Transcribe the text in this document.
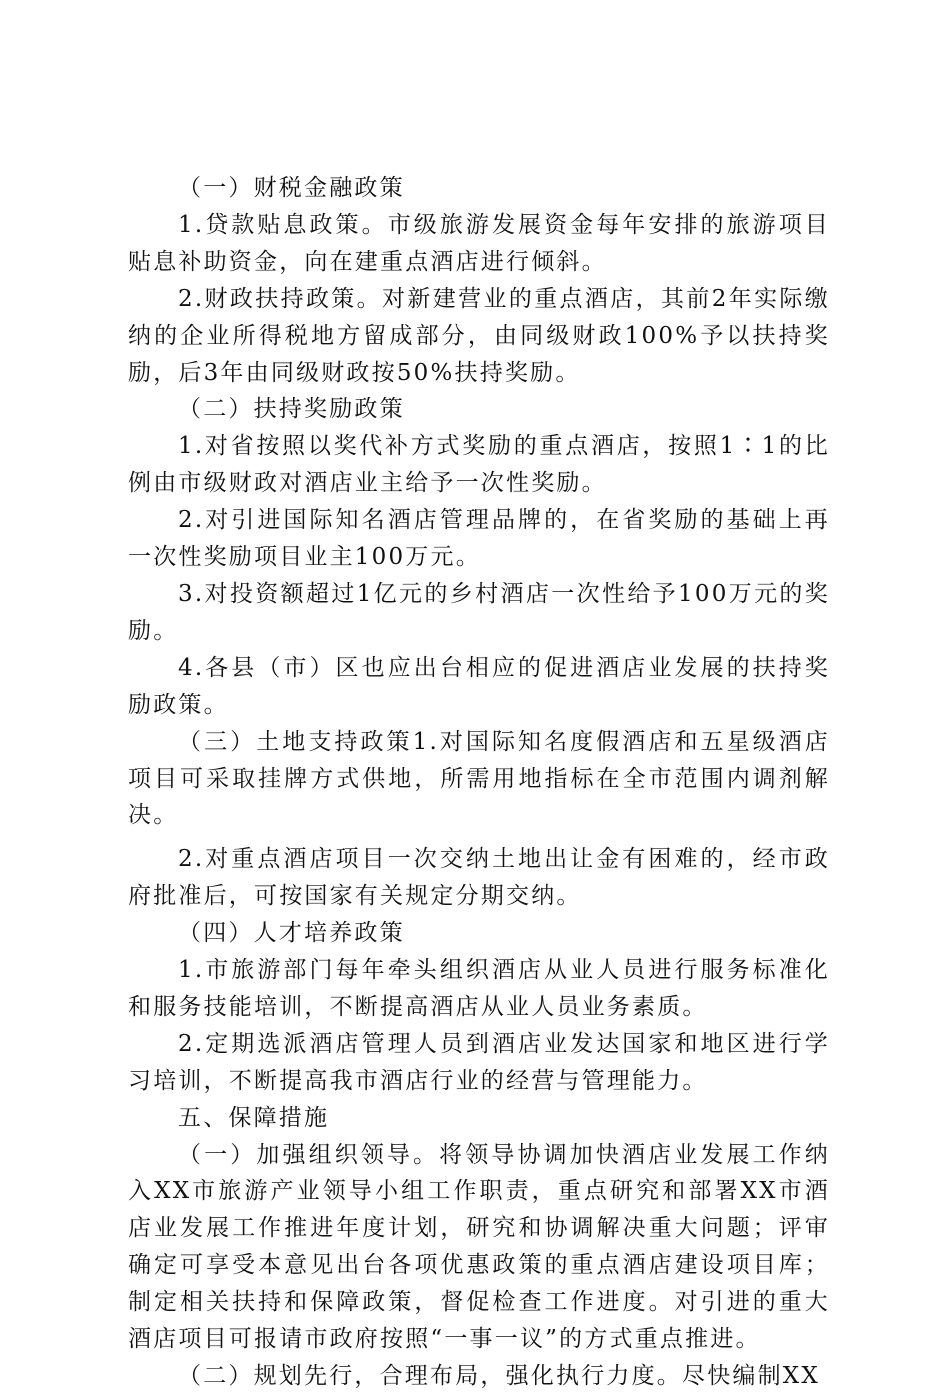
（一）财税金融政策

1.贷款贴息政策。市级旅游发展资金每年安排的旅游项目贴息补助资金，向在建重点酒店进行倾斜。

2.财政扶持政策。对新建营业的重点酒店，其前2年实际缴纳的企业所得税地方留成部分，由同级财政100%予以扶持奖励，后3年由同级财政按50%扶持奖励。

（二）扶持奖励政策

1.对省按照以奖代补方式奖励的重点酒店，按照1∶1的比例由市级财政对酒店业主给予一次性奖励。

2.对引进国际知名酒店管理品牌的，在省奖励的基础上再一次性奖励项目业主100万元。

3.对投资额超过1亿元的乡村酒店一次性给予100万元的奖励。

4.各县（市）区也应出台相应的促进酒店业发展的扶持奖励政策。

（三）土地支持政策1.对国际知名度假酒店和五星级酒店项目可采取挂牌方式供地，所需用地指标在全市范围内调剂解决。

2.对重点酒店项目一次交纳土地出让金有困难的，经市政府批准后，可按国家有关规定分期交纳。

（四）人才培养政策

1.市旅游部门每年牵头组织酒店从业人员进行服务标准化和服务技能培训，不断提高酒店从业人员业务素质。

2.定期选派酒店管理人员到酒店业发达国家和地区进行学习培训，不断提高我市酒店行业的经营与管理能力。

五、保障措施

（一）加强组织领导。将领导协调加快酒店业发展工作纳入XX市旅游产业领导小组工作职责，重点研究和部署XX市酒店业发展工作推进年度计划，研究和协调解决重大问题；评审确定可享受本意见出台各项优惠政策的重点酒店建设项目库；制定相关扶持和保障政策，督促检查工作进度。对引进的重大酒店项目可报请市政府按照“一事一议”的方式重点推进。

（二）规划先行，合理布局，强化执行力度。尽快编制XX
